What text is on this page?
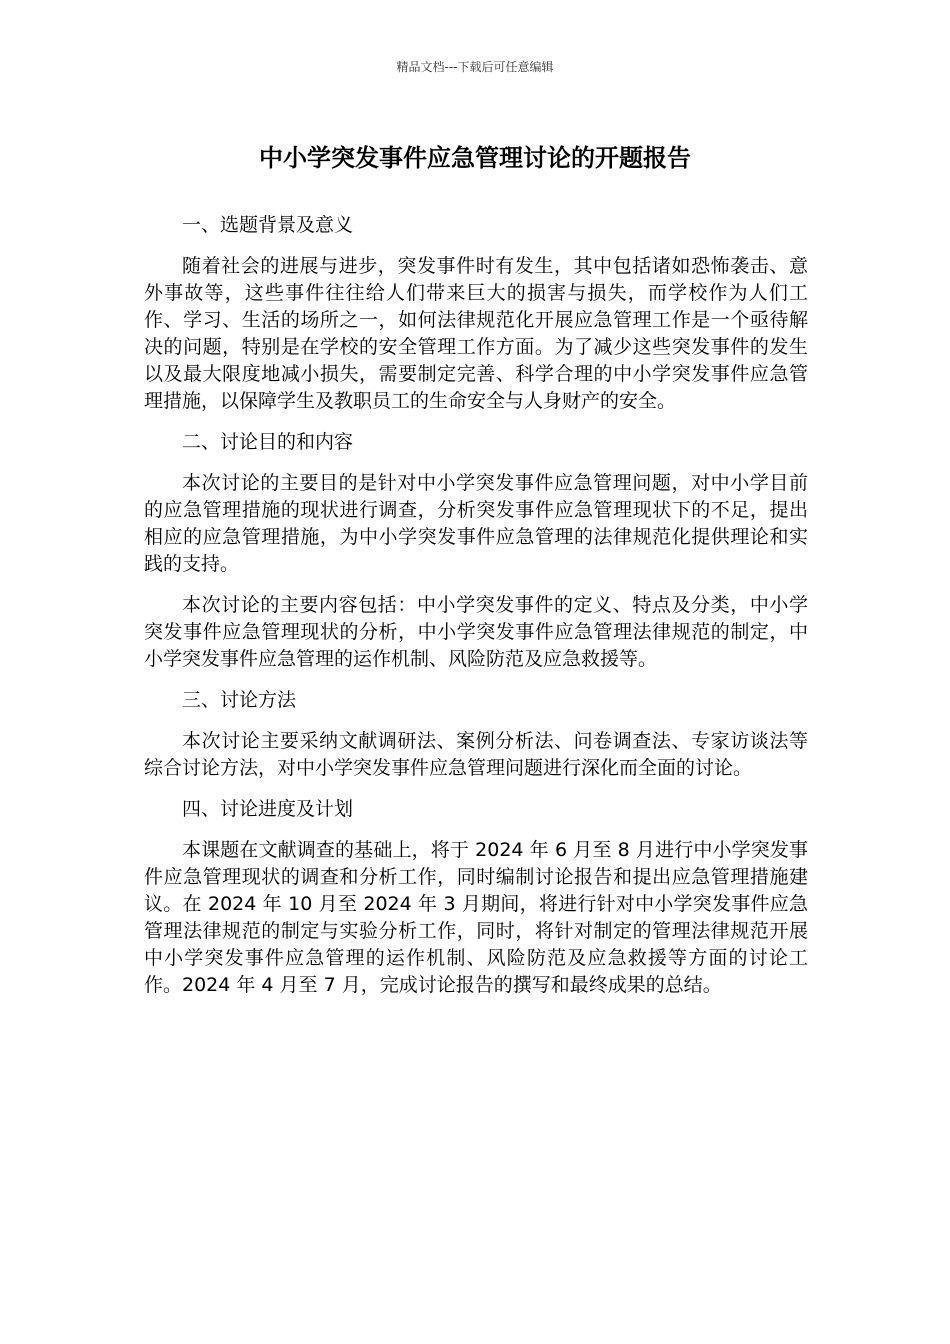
精品文档---下载后可任意编辑
中小学突发事件应急管理讨论的开题报告

一、选题背景及意义

随着社会的进展与进步，突发事件时有发生，其中包括诸如恐怖袭击、意外事故等，这些事件往往给人们带来巨大的损害与损失，而学校作为人们工作、学习、生活的场所之一，如何法律规范化开展应急管理工作是一个亟待解决的问题，特别是在学校的安全管理工作方面。为了减少这些突发事件的发生以及最大限度地减小损失，需要制定完善、科学合理的中小学突发事件应急管理措施，以保障学生及教职员工的生命安全与人身财产的安全。

二、讨论目的和内容

本次讨论的主要目的是针对中小学突发事件应急管理问题，对中小学目前的应急管理措施的现状进行调查，分析突发事件应急管理现状下的不足，提出相应的应急管理措施，为中小学突发事件应急管理的法律规范化提供理论和实践的支持。

本次讨论的主要内容包括：中小学突发事件的定义、特点及分类，中小学突发事件应急管理现状的分析，中小学突发事件应急管理法律规范的制定，中小学突发事件应急管理的运作机制、风险防范及应急救援等。

三、讨论方法

本次讨论主要采纳文献调研法、案例分析法、问卷调查法、专家访谈法等综合讨论方法，对中小学突发事件应急管理问题进行深化而全面的讨论。

四、讨论进度及计划

本课题在文献调查的基础上，将于 2024 年 6 月至 8 月进行中小学突发事件应急管理现状的调查和分析工作，同时编制讨论报告和提出应急管理措施建议。在 2024 年 10 月至 2024 年 3 月期间，将进行针对中小学突发事件应急管理法律规范的制定与实验分析工作，同时，将针对制定的管理法律规范开展中小学突发事件应急管理的运作机制、风险防范及应急救援等方面的讨论工作。2024 年 4 月至 7 月，完成讨论报告的撰写和最终成果的总结。
